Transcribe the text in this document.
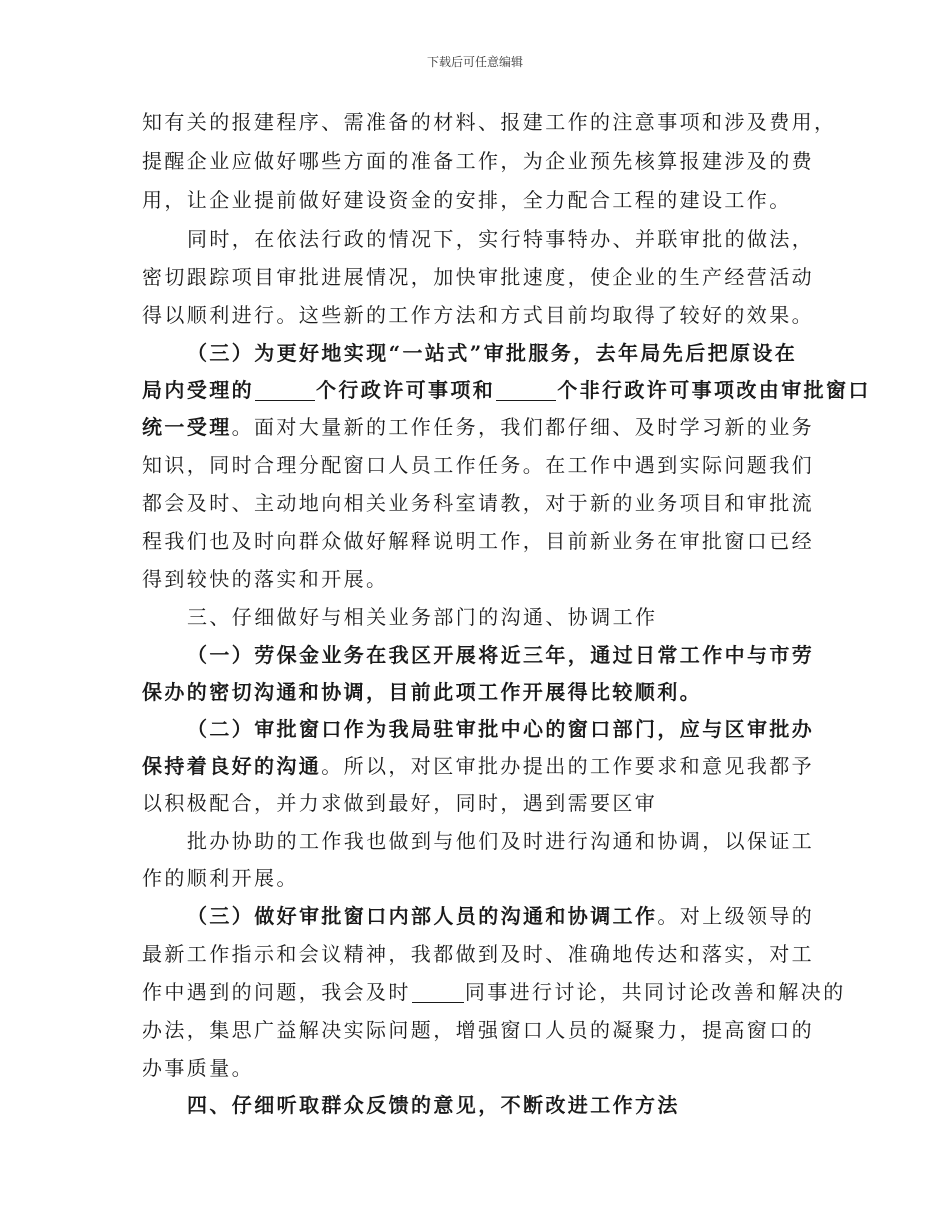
下载后可任意编辑
知有关的报建程序、需准备的材料、报建工作的注意事项和涉及费用，
提醒企业应做好哪些方面的准备工作，为企业预先核算报建涉及的费
用，让企业提前做好建设资金的安排，全力配合工程的建设工作。
同时，在依法行政的情况下，实行特事特办、并联审批的做法，
密切跟踪项目审批进展情况，加快审批速度，使企业的生产经营活动
得以顺利进行。这些新的工作方法和方式目前均取得了较好的效果。
（三）为更好地实现“一站式”审批服务，去年局先后把原设在
局内受理的	个行政许可事项和	个非行政许可事项改由审批窗口
统一受理。面对大量新的工作任务，我们都仔细、及时学习新的业务
知识，同时合理分配窗口人员工作任务。在工作中遇到实际问题我们
都会及时、主动地向相关业务科室请教，对于新的业务项目和审批流
程我们也及时向群众做好解释说明工作，目前新业务在审批窗口已经
得到较快的落实和开展。
三、仔细做好与相关业务部门的沟通、协调工作
（一）劳保金业务在我区开展将近三年，通过日常工作中与市劳
保办的密切沟通和协调，目前此项工作开展得比较顺利。
（二）审批窗口作为我局驻审批中心的窗口部门，应与区审批办
保持着良好的沟通。所以，对区审批办提出的工作要求和意见我都予
以积极配合，并力求做到最好，同时，遇到需要区审
批办协助的工作我也做到与他们及时进行沟通和协调，以保证工
作的顺利开展。
（三）做好审批窗口内部人员的沟通和协调工作。对上级领导的
最新工作指示和会议精神，我都做到及时、准确地传达和落实，对工
作中遇到的问题，我会及时	同事进行讨论，共同讨论改善和解决的
办法，集思广益解决实际问题，增强窗口人员的凝聚力，提高窗口的
办事质量。
四、仔细听取群众反馈的意见，不断改进工作方法
